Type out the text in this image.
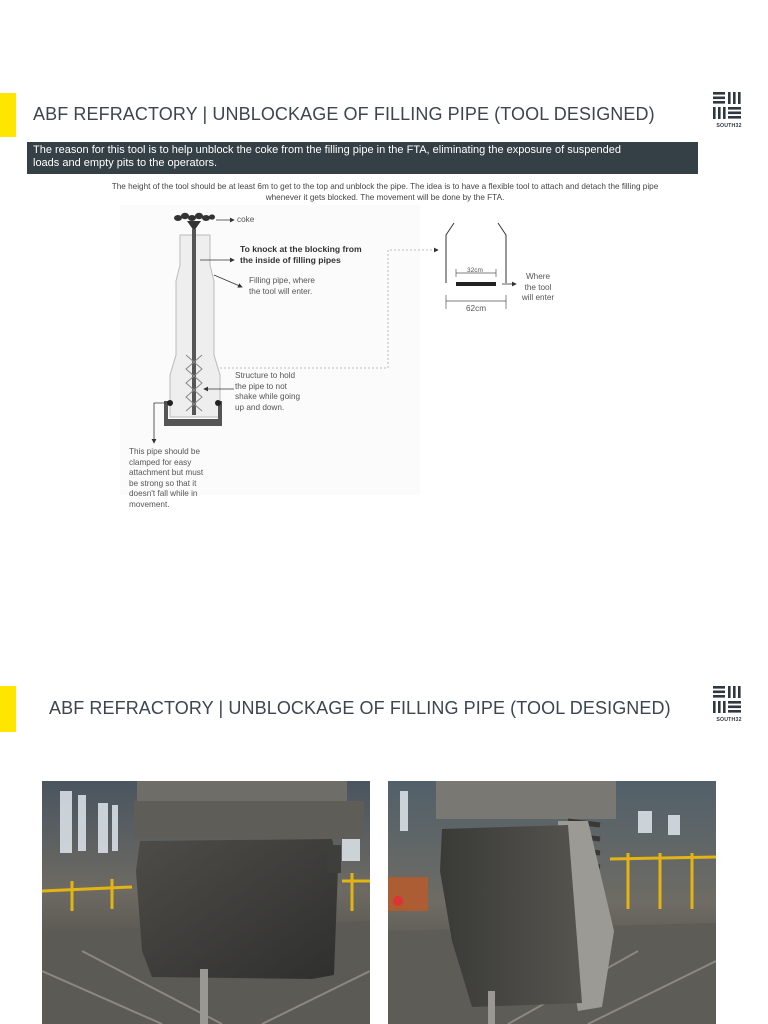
ABF REFRACTORY | UNBLOCKAGE OF FILLING PIPE (TOOL DESIGNED)
SOUTH32
The reason for this tool is to help unblock the coke from the filling pipe in the FTA, eliminating the exposure of suspended
loads and empty pits to the operators.
The height of the tool should be at least 6m to get to the top and unblock the pipe. The idea is to have a flexible tool to attach and detach the filling pipe
whenever it gets blocked. The movement will be done by the FTA.
coke
To knock at the blocking from
the inside of filling pipes
Filling pipe, where
the tool will enter.
Structure to hold
the pipe to not
shake while going
up and down.
This pipe should be
clamped for easy
attachment but must
be strong so that it
doesn't fall while in
movement.
32cm
62cm
Where
the tool
will enter
ABF REFRACTORY | UNBLOCKAGE OF FILLING PIPE (TOOL DESIGNED)
SOUTH32
